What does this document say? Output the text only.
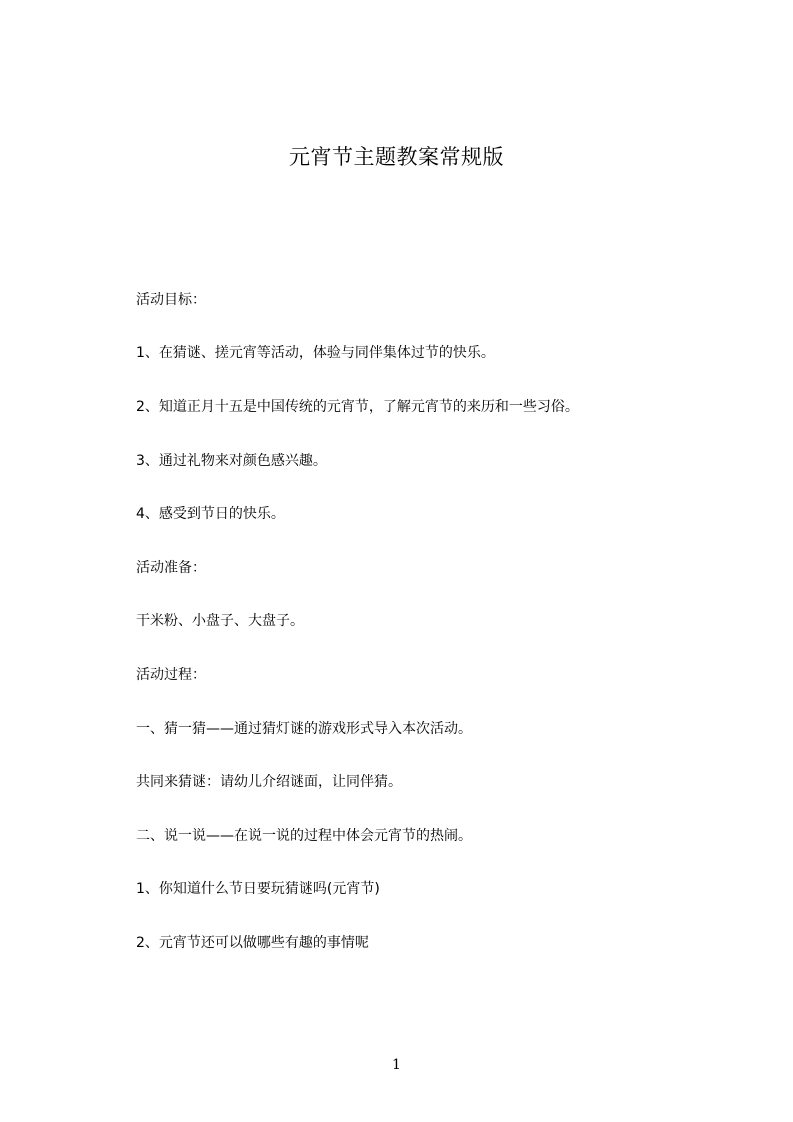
元宵节主题教案常规版

活动目标：

1、在猜谜、搓元宵等活动，体验与同伴集体过节的快乐。

2、知道正月十五是中国传统的元宵节，了解元宵节的来历和一些习俗。

3、通过礼物来对颜色感兴趣。

4、感受到节日的快乐。

活动准备：

干米粉、小盘子、大盘子。

活动过程：

一、猜一猜——通过猜灯谜的游戏形式导入本次活动。

共同来猜谜：请幼儿介绍谜面，让同伴猜。

二、说一说——在说一说的过程中体会元宵节的热闹。

1、你知道什么节日要玩猜谜吗(元宵节)

2、元宵节还可以做哪些有趣的事情呢

1
